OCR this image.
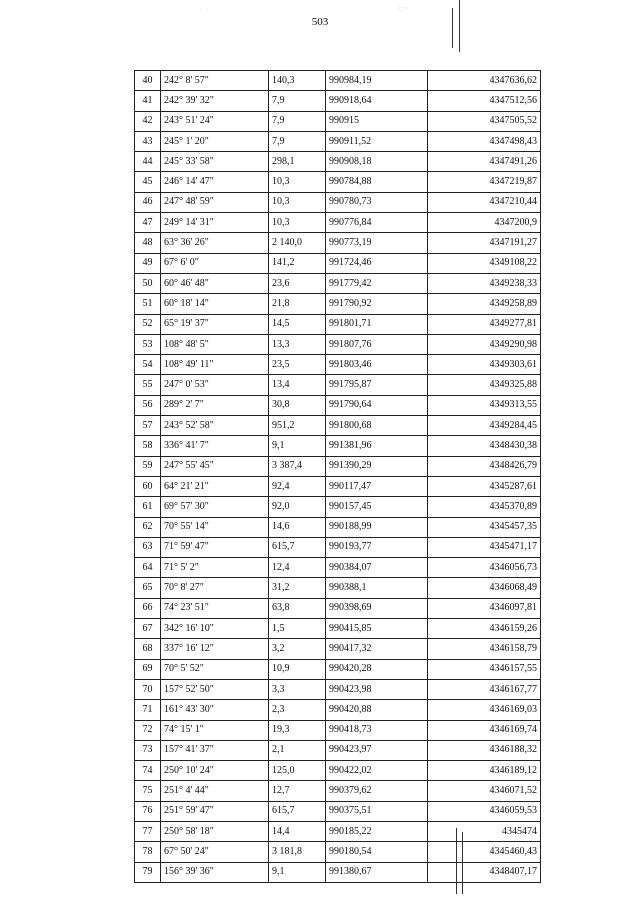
503
· ·	·:·
40	242° 8' 57"	140,3	990984,19	4347636,62
41	242° 39' 32"	7,9	990918,64	4347512,56
42	243° 51' 24"	7,9	990915	4347505,52
43	245° 1' 20"	7,9	990911,52	4347498,43
44	245° 33' 58"	298,1	990908,18	4347491,26
45	246° 14' 47"	10,3	990784,88	4347219,87
46	247° 48' 59"	10,3	990780,73	4347210,44
47	249° 14' 31"	10,3	990776,84	4347200,9
48	63° 36' 26"	2 140,0	990773,19	4347191,27
49	67° 6' 0"	141,2	991724,46	4349108,22
50	60° 46' 48"	23,6	991779,42	4349238,33
51	60° 18' 14"	21,8	991790,92	4349258,89
52	65° 19' 37"	14,5	991801,71	4349277,81
53	108° 48' 5"	13,3	991807,76	4349290,98
54	108° 49' 11"	23,5	991803,46	4349303,61
55	247° 0' 53"	13,4	991795,87	4349325,88
56	289° 2' 7"	30,8	991790,64	4349313,55
57	243° 52' 58"	951,2	991800,68	4349284,45
58	336° 41' 7"	9,1	991381,96	4348430,38
59	247° 55' 45"	3 387,4	991390,29	4348426,79
60	64° 21' 21"	92,4	990117,47	4345287,61
61	69° 57' 30"	92,0	990157,45	4345370,89
62	70° 55' 14"	14,6	990188,99	4345457,35
63	71° 59' 47"	615,7	990193,77	4345471,17
64	71° 5' 2"	12,4	990384,07	4346056,73
65	70° 8' 27"	31,2	990388,1	4346068,49
66	74° 23' 51"	63,8	990398,69	4346097,81
67	342° 16' 10"	1,5	990415,85	4346159,26
68	337° 16' 12"	3,2	990417,32	4346158,79
69	70° 5' 52"	10,9	990420,28	4346157,55
70	157° 52' 50"	3,3	990423,98	4346167,77
71	161° 43' 30"	2,3	990420,88	4346169,03
72	74° 15' 1"	19,3	990418,73	4346169,74
73	157° 41' 37"	2,1	990423,97	4346188,32
74	250° 10' 24"	125,0	990422,02	4346189,12
75	251° 4' 44"	12,7	990379,62	4346071,52
76	251° 59' 47"	615,7	990375,51	4346059,53
77	250° 58' 18"	14,4	990185,22	4345474
78	67° 50' 24"	3 181,8	990180,54	4345460,43
79	156° 39' 36"	9,1	991380,67	4348407,17
